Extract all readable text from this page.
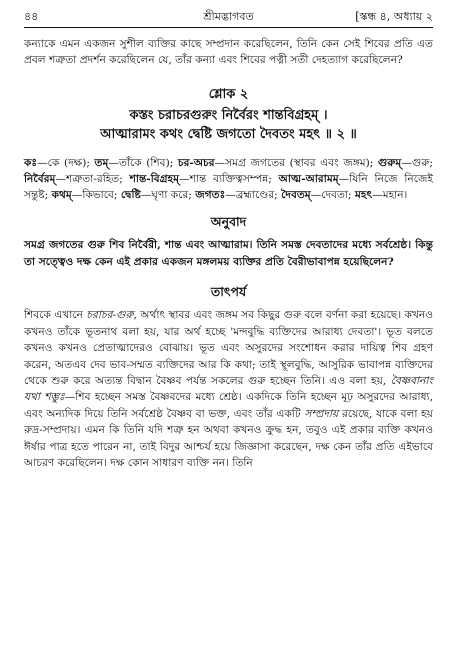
৪৪	শ্রীমদ্ভাগবত	[স্কন্ধ ৪, অধ্যায় ২

কন্যাকে এমন একজন সুশীল ব্যক্তির কাছে সম্প্রদান করেছিলেন, তিনি কেন সেই শিবের প্রতি এত প্রবল শত্রুতা প্রদর্শন করেছিলেন যে, তাঁর কন্যা এবং শিবের পত্নী সতী দেহত্যাগ করেছিলেন?

শ্লোক ২
কস্তং চরাচরগুরুং নির্বৈরং শান্তবিগ্রহম্ ।
আত্মারামং কথং দ্বেষ্টি জগতো দৈবতং মহৎ ॥ ২ ॥

কঃ—কে (দক্ষ); তম্—তাঁকে (শিব); চর-অচর—সমগ্র জগতের (স্থাবর এবং জঙ্গম); গুরুম্—গুরু; নির্বৈরম্—শত্রুতা-রহিত; শান্ত-বিগ্রহম্—শান্ত ব্যক্তিত্বসম্পন্ন; আত্ম-আরামম্—যিনি নিজে নিজেই সন্তুষ্ট; কথম্—কিভাবে; দ্বেষ্টি—ঘৃণা করে; জগতঃ—ব্রহ্মাণ্ডের; দৈবতম্—দেবতা; মহৎ—মহান।

অনুবাদ

সমগ্র জগতের গুরু শিব নির্বৈরী, শান্ত এবং আত্মারাম। তিনি সমস্ত দেবতাদের মধ্যে সর্বশ্রেষ্ঠ। কিন্তু তা সত্ত্বেও দক্ষ কেন এই প্রকার একজন মঙ্গলময় ব্যক্তির প্রতি বৈরীভাবাপন্ন হয়েছিলেন?

তাৎপর্য

শিবকে এখানে চরাচর-গুরু, অর্থাৎ স্থাবর এবং জঙ্গম সব কিছুর গুরু বলে বর্ণনা করা হয়েছে। কখনও কখনও তাঁকে ভূতনাথ বলা হয়, যার অর্থ হচ্ছে 'মন্দবুদ্ধি ব্যক্তিদের আরাধ্য দেবতা'। ভূত বলতে কখনও কখনও প্রেতাত্মাদেরও বোঝায়। ভূত এবং অসুরদের সংশোধন করার দায়িত্ব শিব গ্রহণ করেন, অতএব দেব ভাব-সম্মত ব্যক্তিদের আর কি কথা; তাই স্থূলবুদ্ধি, আসুরিক ভাবাপন্ন ব্যক্তিদের থেকে শুরু করে অত্যন্ত বিদ্বান বৈষ্ণব পর্যন্ত সকলের গুরু হচ্ছেন তিনি। এও বলা হয়, বৈষ্ণবানাং যথা শম্ভুঃ—শিব হচ্ছেন সমস্ত বৈষ্ণবদের মধ্যে শ্রেষ্ঠ। একদিকে তিনি হচ্ছেন মূঢ় অসুরদের আরাধ্য, এবং অন্যদিক দিয়ে তিনি সর্বশ্রেষ্ঠ বৈষ্ণব বা ভক্ত, এবং তাঁর একটি সম্প্রদায় রয়েছে, যাকে বলা হয় রুদ্র-সম্প্রদায়। এমন কি তিনি যদি শত্রু হন অথবা কখনও ক্রুদ্ধ হন, তবুও এই প্রকার ব্যক্তি কখনও ঈর্ষার পাত্র হতে পারেন না, তাই বিদুর আশ্চর্য হয়ে জিজ্ঞাসা করেছেন, দক্ষ কেন তাঁর প্রতি এইভাবে আচরণ করেছিলেন। দক্ষ কোন সাধারণ ব্যক্তি নন। তিনি
